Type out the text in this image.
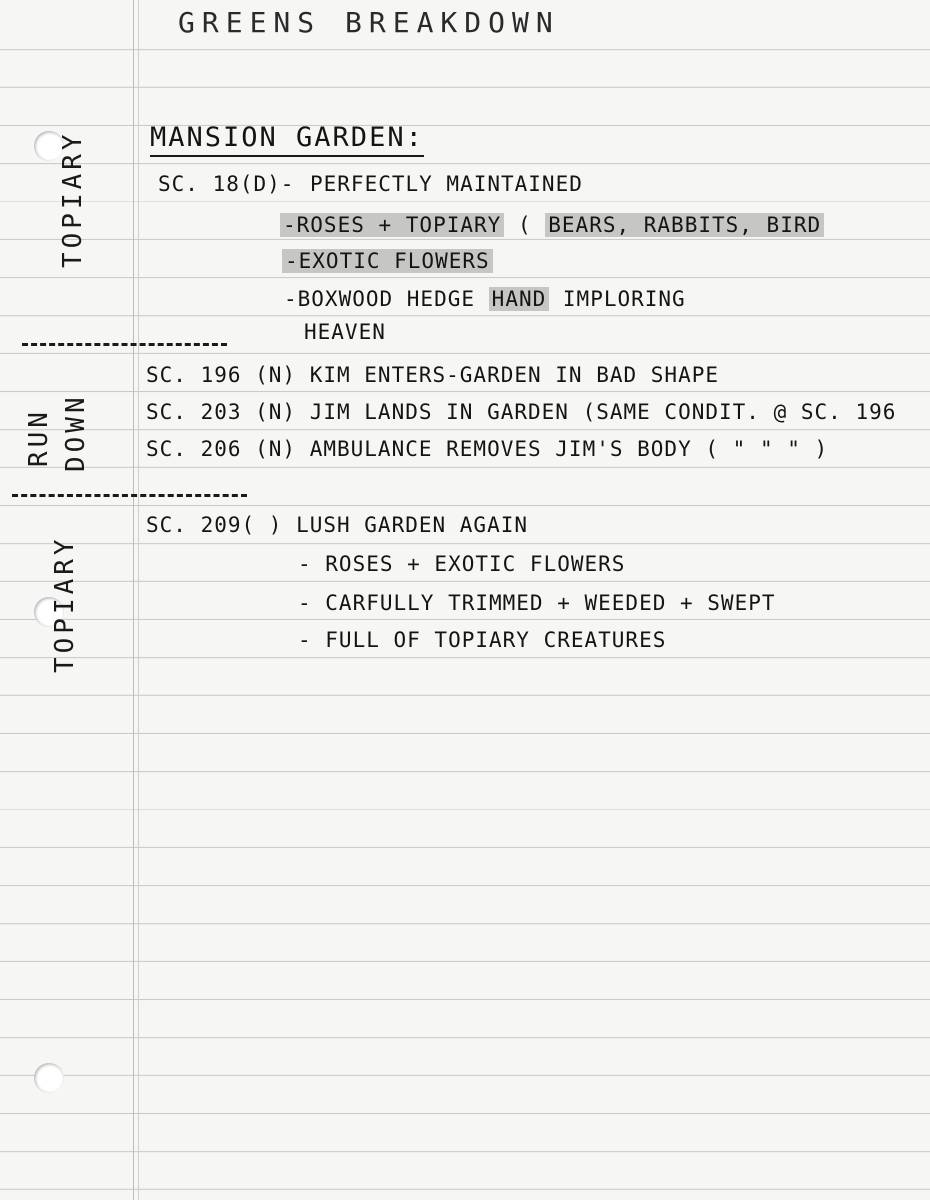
GREENS BREAKDOWN
TOPIARY
RUN DOWN
TOPIARY
MANSION GARDEN:
SC. 18(D)- PERFECTLY MAINTAINED
-ROSES + TOPIARY ( BEARS, RABBITS, BIRD
-EXOTIC FLOWERS
-BOXWOOD HEDGE HAND IMPLORING
HEAVEN
SC. 196 (N) KIM ENTERS-GARDEN IN BAD SHAPE
SC. 203 (N) JIM LANDS IN GARDEN (SAME CONDIT. @ SC. 196
SC. 206 (N) AMBULANCE REMOVES JIM'S BODY ( " " " )
SC. 209( ) LUSH GARDEN AGAIN
- ROSES + EXOTIC FLOWERS
- CARFULLY TRIMMED + WEEDED + SWEPT
- FULL OF TOPIARY CREATURES
